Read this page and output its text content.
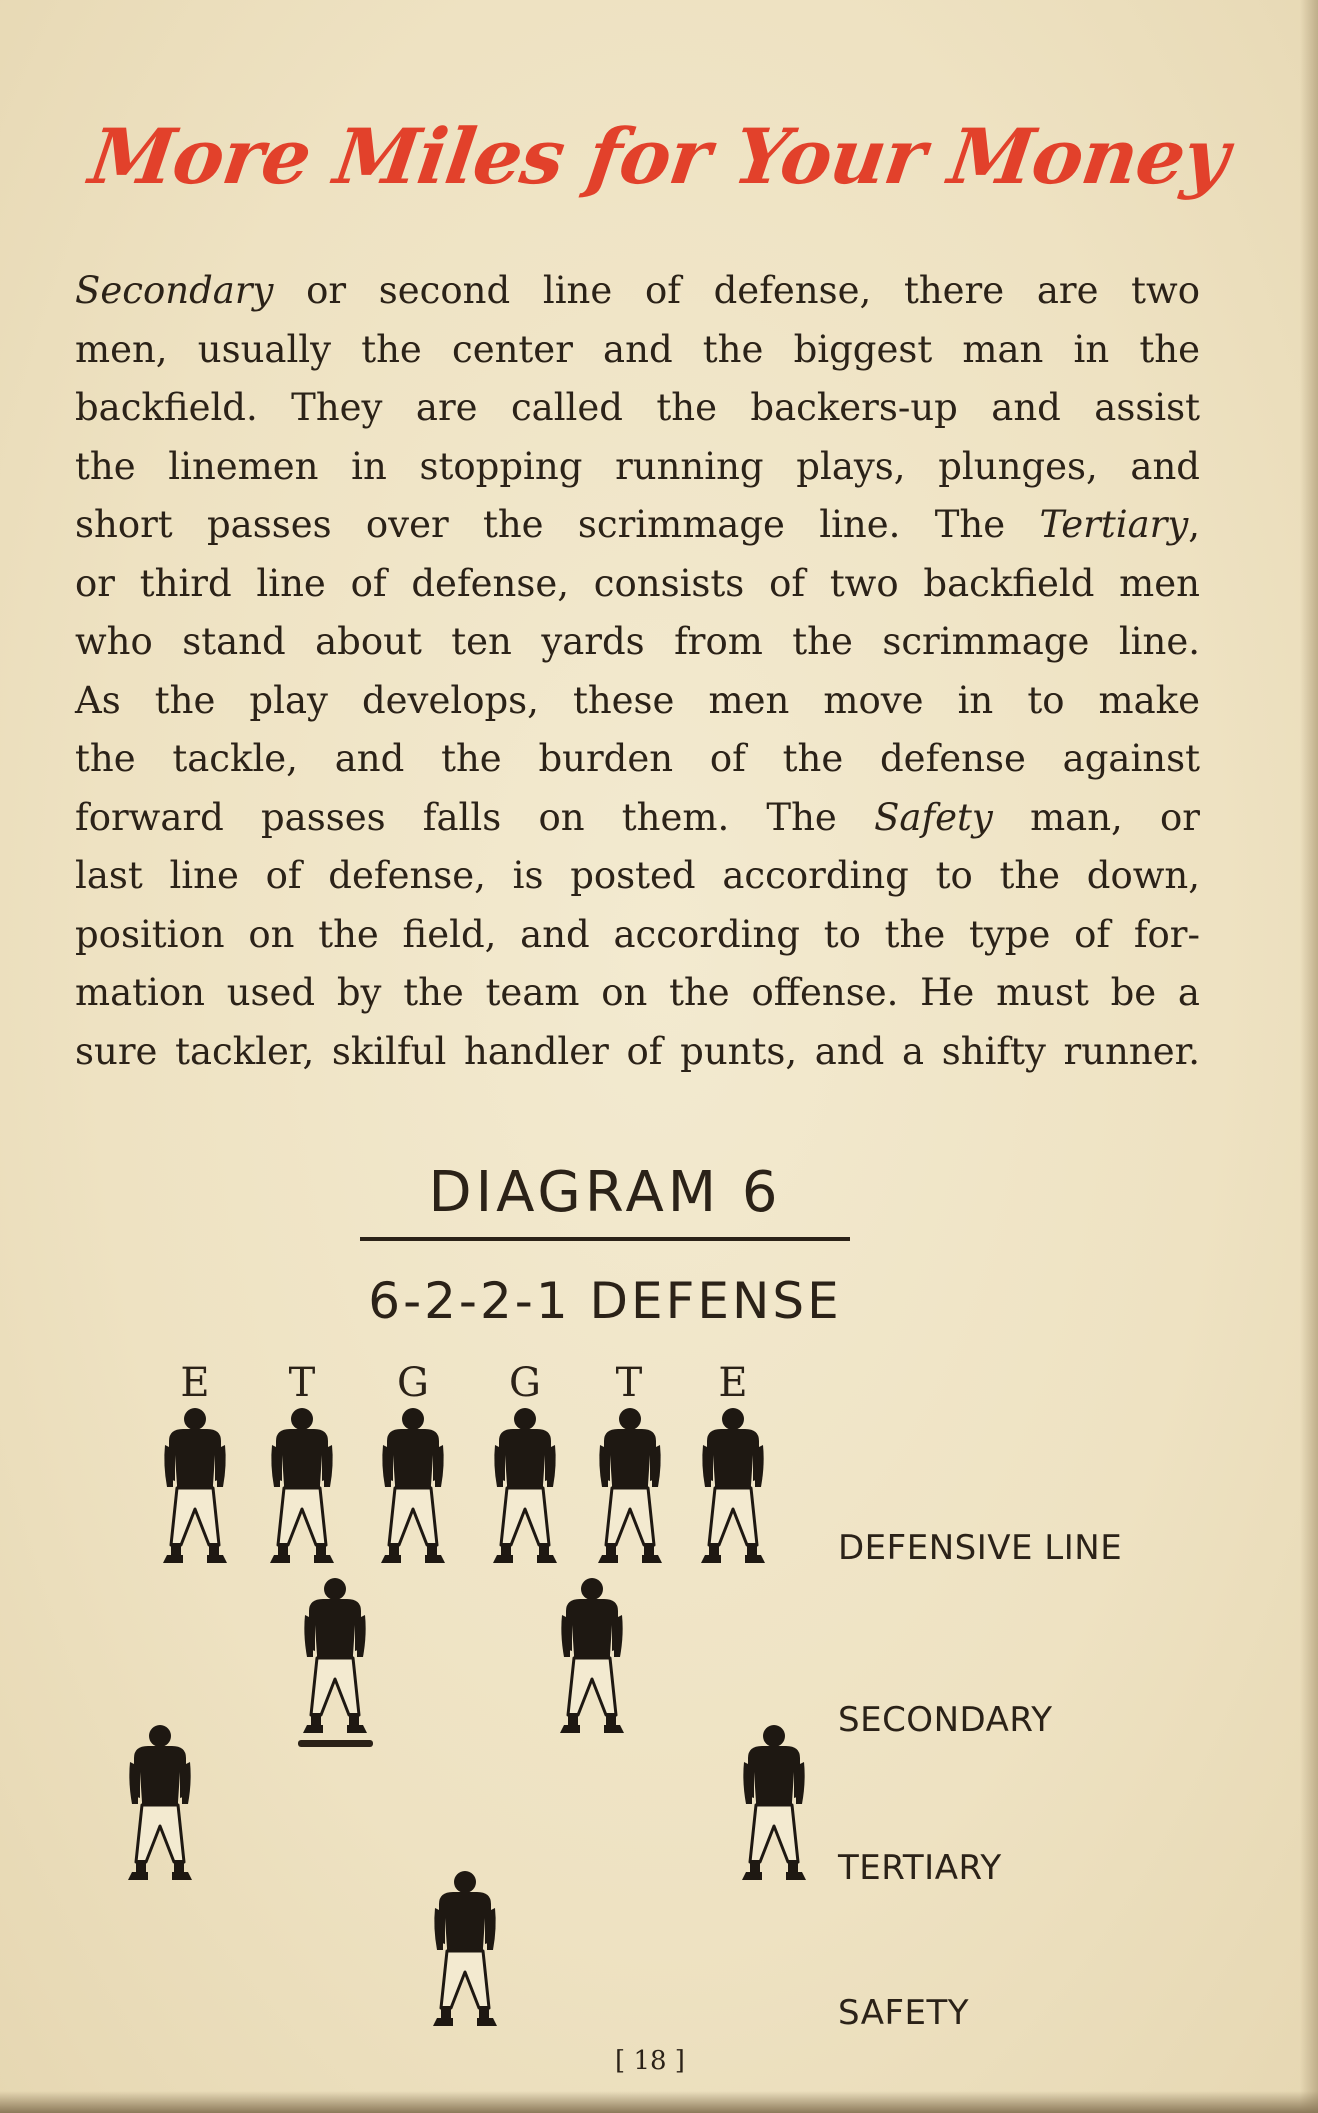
More Miles for Your Money
Secondary or second line of defense, there are two
men, usually the center and the biggest man in the
backfield. They are called the backers-up and assist
the linemen in stopping running plays, plunges, and
short passes over the scrimmage line. The Tertiary,
or third line of defense, consists of two backfield men
who stand about ten yards from the scrimmage line.
As the play develops, these men move in to make
the tackle, and the burden of the defense against
forward passes falls on them. The Safety man, or
last line of defense, is posted according to the down,
position on the field, and according to the type of for-
mation used by the team on the offense. He must be a
sure tackler, skilful handler of punts, and a shifty runner.
DIAGRAM 6
6-2-2-1 DEFENSE
E T G G T E
DEFENSIVE LINE
SECONDARY
TERTIARY
SAFETY
[ 18 ]
